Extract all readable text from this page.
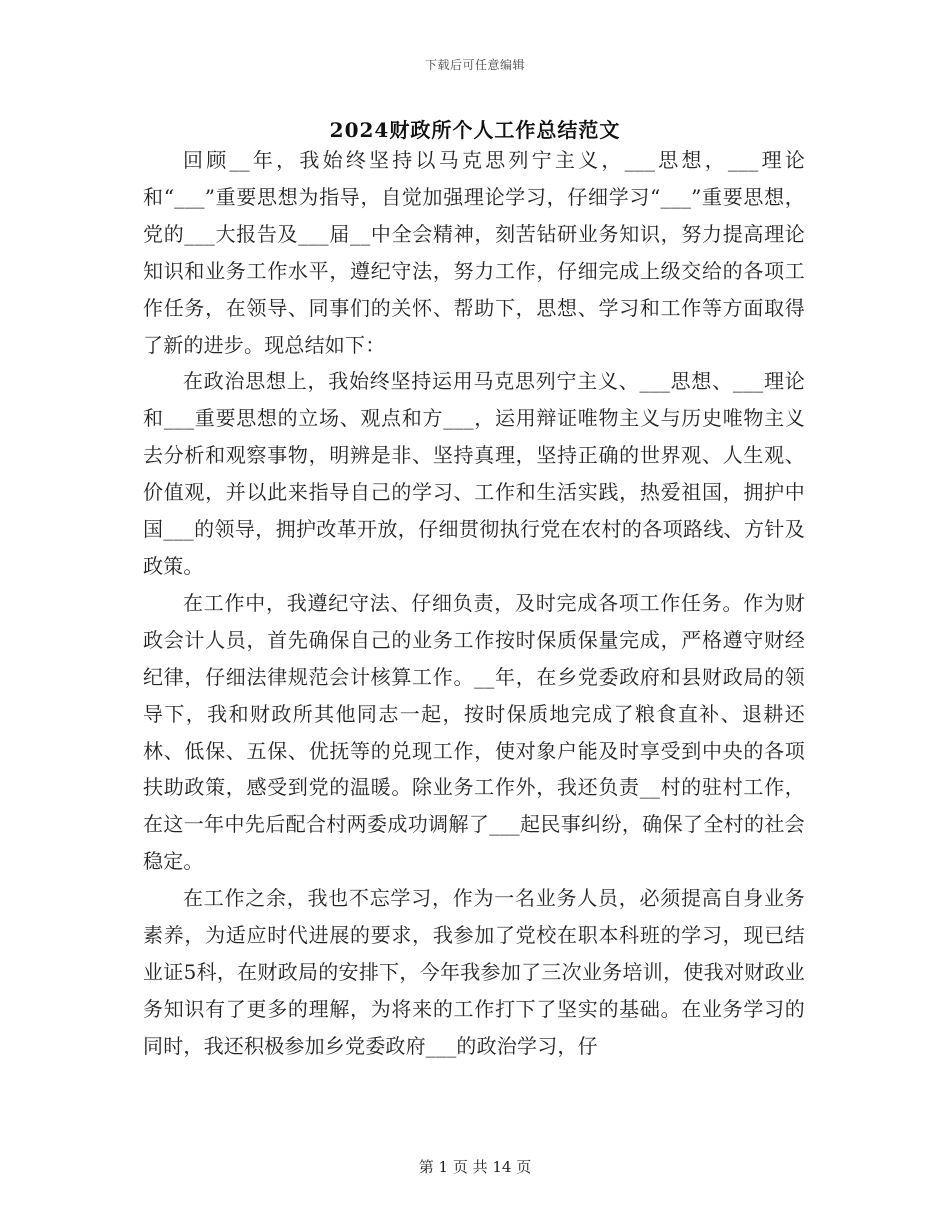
下载后可任意编辑
2024财政所个人工作总结范文

回顾__年，我始终坚持以马克思列宁主义，___思想，___理论和“___”重要思想为指导，自觉加强理论学习，仔细学习“___”重要思想，党的___大报告及___届__中全会精神，刻苦钻研业务知识，努力提高理论知识和业务工作水平，遵纪守法，努力工作，仔细完成上级交给的各项工作任务，在领导、同事们的关怀、帮助下，思想、学习和工作等方面取得了新的进步。现总结如下：

在政治思想上，我始终坚持运用马克思列宁主义、___思想、___理论和___重要思想的立场、观点和方___，运用辩证唯物主义与历史唯物主义去分析和观察事物，明辨是非、坚持真理，坚持正确的世界观、人生观、价值观，并以此来指导自己的学习、工作和生活实践，热爱祖国，拥护中国___的领导，拥护改革开放，仔细贯彻执行党在农村的各项路线、方针及政策。

在工作中，我遵纪守法、仔细负责，及时完成各项工作任务。作为财政会计人员，首先确保自己的业务工作按时保质保量完成，严格遵守财经纪律，仔细法律规范会计核算工作。__年，在乡党委政府和县财政局的领导下，我和财政所其他同志一起，按时保质地完成了粮食直补、退耕还林、低保、五保、优抚等的兑现工作，使对象户能及时享受到中央的各项扶助政策，感受到党的温暖。除业务工作外，我还负责__村的驻村工作，在这一年中先后配合村两委成功调解了___起民事纠纷，确保了全村的社会稳定。

在工作之余，我也不忘学习，作为一名业务人员，必须提高自身业务素养，为适应时代进展的要求，我参加了党校在职本科班的学习，现已结业证5科，在财政局的安排下，今年我参加了三次业务培训，使我对财政业务知识有了更多的理解，为将来的工作打下了坚实的基础。在业务学习的同时，我还积极参加乡党委政府___的政治学习，仔

第 1 页 共 14 页
